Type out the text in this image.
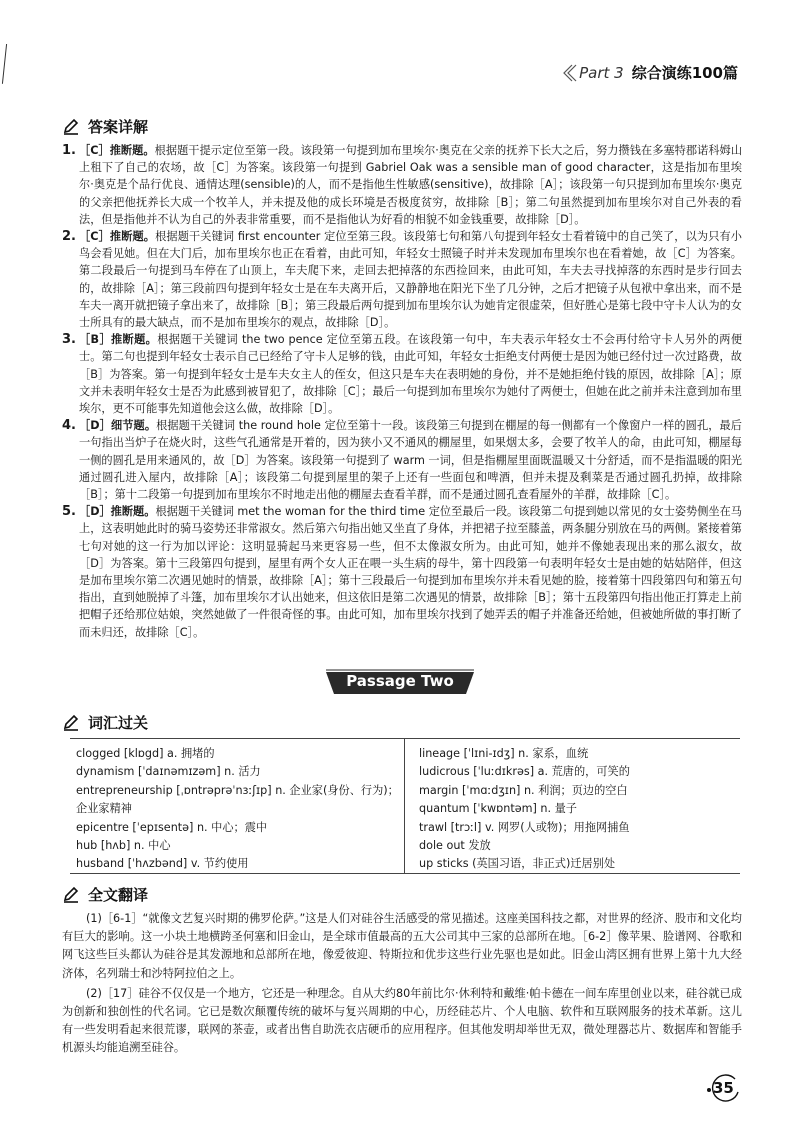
Part 3 综合演练100篇
答案详解
1. ［C］推断题。根据题干提示定位至第一段。该段第一句提到加布里埃尔·奥克在父亲的抚养下长大之后，努力攒钱在多塞特郡诺科姆山上租下了自己的农场，故［C］为答案。该段第一句提到 Gabriel Oak was a sensible man of good character，这是指加布里埃尔·奥克是个品行优良、通情达理(sensible)的人，而不是指他生性敏感(sensitive)，故排除［A］；该段第一句只提到加布里埃尔·奥克的父亲把他抚养长大成一个牧羊人，并未提及他的成长环境是否极度贫穷，故排除［B］；第二句虽然提到加布里埃尔对自己外表的看法，但是指他并不认为自己的外表非常重要，而不是指他认为好看的相貌不如金钱重要，故排除［D］。
2. ［C］推断题。根据题干关键词 first encounter 定位至第三段。该段第七句和第八句提到年轻女士看着镜中的自己笑了，以为只有小鸟会看见她。但在大门后，加布里埃尔也正在看着，由此可知，年轻女士照镜子时并未发现加布里埃尔也在看着她，故［C］为答案。第二段最后一句提到马车停在了山顶上，车夫爬下来，走回去把掉落的东西捡回来，由此可知，车夫去寻找掉落的东西时是步行回去的，故排除［A］；第三段前四句提到年轻女士是在车夫离开后，又静静地在阳光下坐了几分钟，之后才把镜子从包袱中拿出来，而不是车夫一离开就把镜子拿出来了，故排除［B］；第三段最后两句提到加布里埃尔认为她肯定很虚荣，但好胜心是第七段中守卡人认为的女士所具有的最大缺点，而不是加布里埃尔的观点，故排除［D］。
3. ［B］推断题。根据题干关键词 the two pence 定位至第五段。在该段第一句中，车夫表示年轻女士不会再付给守卡人另外的两便士。第二句也提到年轻女士表示自己已经给了守卡人足够的钱，由此可知，年轻女士拒绝支付两便士是因为她已经付过一次过路费，故［B］为答案。第一句提到年轻女士是车夫女主人的侄女，但这只是车夫在表明她的身份，并不是她拒绝付钱的原因，故排除［A］；原文并未表明年轻女士是否为此感到被冒犯了，故排除［C］；最后一句提到加布里埃尔为她付了两便士，但她在此之前并未注意到加布里埃尔，更不可能事先知道他会这么做，故排除［D］。
4. ［D］细节题。根据题干关键词 the round hole 定位至第十一段。该段第三句提到在棚屋的每一侧都有一个像窗户一样的圆孔，最后一句指出当炉子在烧火时，这些气孔通常是开着的，因为狭小又不通风的棚屋里，如果烟太多，会要了牧羊人的命，由此可知，棚屋每一侧的圆孔是用来通风的，故［D］为答案。该段第一句提到了 warm 一词，但是指棚屋里面既温暖又十分舒适，而不是指温暖的阳光通过圆孔进入屋内，故排除［A］；该段第二句提到屋里的架子上还有一些面包和啤酒，但并未提及剩菜是否通过圆孔扔掉，故排除［B］；第十二段第一句提到加布里埃尔不时地走出他的棚屋去查看羊群，而不是通过圆孔查看屋外的羊群，故排除［C］。
5. ［D］推断题。根据题干关键词 met the woman for the third time 定位至最后一段。该段第二句提到她以常见的女士姿势侧坐在马上，这表明她此时的骑马姿势还非常淑女。然后第六句指出她又坐直了身体，并把裙子拉至膝盖，两条腿分别放在马的两侧。紧接着第七句对她的这一行为加以评论：这明显骑起马来更容易一些，但不太像淑女所为。由此可知，她并不像她表现出来的那么淑女，故［D］为答案。第十三段第四句提到，屋里有两个女人正在喂一头生病的母牛，第十四段第一句表明年轻女士是由她的姑姑陪伴，但这是加布里埃尔第二次遇见她时的情景，故排除［A］；第十三段最后一句提到加布里埃尔并未看见她的脸，接着第十四段第四句和第五句指出，直到她脱掉了斗篷，加布里埃尔才认出她来，但这依旧是第二次遇见的情景，故排除［B］；第十五段第四句指出他正打算走上前把帽子还给那位姑娘，突然她做了一件很奇怪的事。由此可知，加布里埃尔找到了她弄丢的帽子并准备还给她，但被她所做的事打断了而未归还，故排除［C］。
Passage Two
词汇过关
clogged [klɒgd] a. 拥堵的
dynamism [ˈdaɪnəmɪzəm] n. 活力
entrepreneurship [ˌɒntrəprəˈnɜːʃɪp] n. 企业家(身份、行为)；企业家精神
epicentre [ˈepɪsentə] n. 中心；震中
hub [hʌb] n. 中心
husband [ˈhʌzbənd] v. 节约使用
lineage [ˈlɪni-ɪdʒ] n. 家系，血统
ludicrous [ˈluːdɪkrəs] a. 荒唐的，可笑的
margin [ˈmɑːdʒɪn] n. 利润；页边的空白
quantum [ˈkwɒntəm] n. 量子
trawl [trɔːl] v. 网罗(人或物)；用拖网捕鱼
dole out 发放
up sticks (英国习语，非正式)迁居别处
全文翻译

(1)［6-1］“就像文艺复兴时期的佛罗伦萨。”这是人们对硅谷生活感受的常见描述。这座美国科技之都，对世界的经济、股市和文化均有巨大的影响。这一小块土地横跨圣何塞和旧金山，是全球市值最高的五大公司其中三家的总部所在地。［6-2］像苹果、脸谱网、谷歌和网飞这些巨头都认为硅谷是其发源地和总部所在地，像爱彼迎、特斯拉和优步这些行业先驱也是如此。旧金山湾区拥有世界上第十九大经济体，名列瑞士和沙特阿拉伯之上。

(2)［17］硅谷不仅仅是一个地方，它还是一种理念。自从大约80年前比尔·休利特和戴维·帕卡德在一间车库里创业以来，硅谷就已成为创新和独创性的代名词。它已是数次颠覆传统的破坏与复兴周期的中心，历经硅芯片、个人电脑、软件和互联网服务的技术革新。这儿有一些发明看起来很荒谬，联网的茶壶，或者出售自助洗衣店硬币的应用程序。但其他发明却举世无双，微处理器芯片、数据库和智能手机源头均能追溯至硅谷。

35
